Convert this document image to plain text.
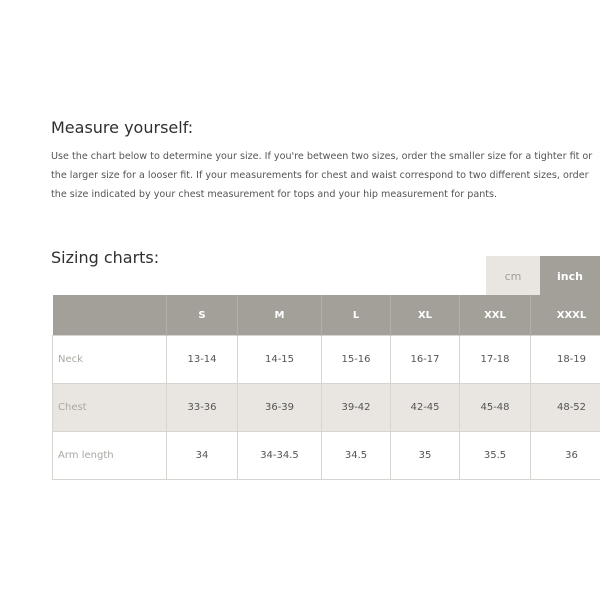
Measure yourself:

Use the chart below to determine your size. If you're between two sizes, order the smaller size for a tighter fit or the larger size for a looser fit. If your measurements for chest and waist correspond to two different sizes, order the size indicated by your chest measurement for tops and your hip measurement for pants.

Sizing charts:
cm	inch
	S	M	L	XL	XXL	XXXL
Neck	13-14	14-15	15-16	16-17	17-18	18-19
Chest	33-36	36-39	39-42	42-45	45-48	48-52
Arm length	34	34-34.5	34.5	35	35.5	36
